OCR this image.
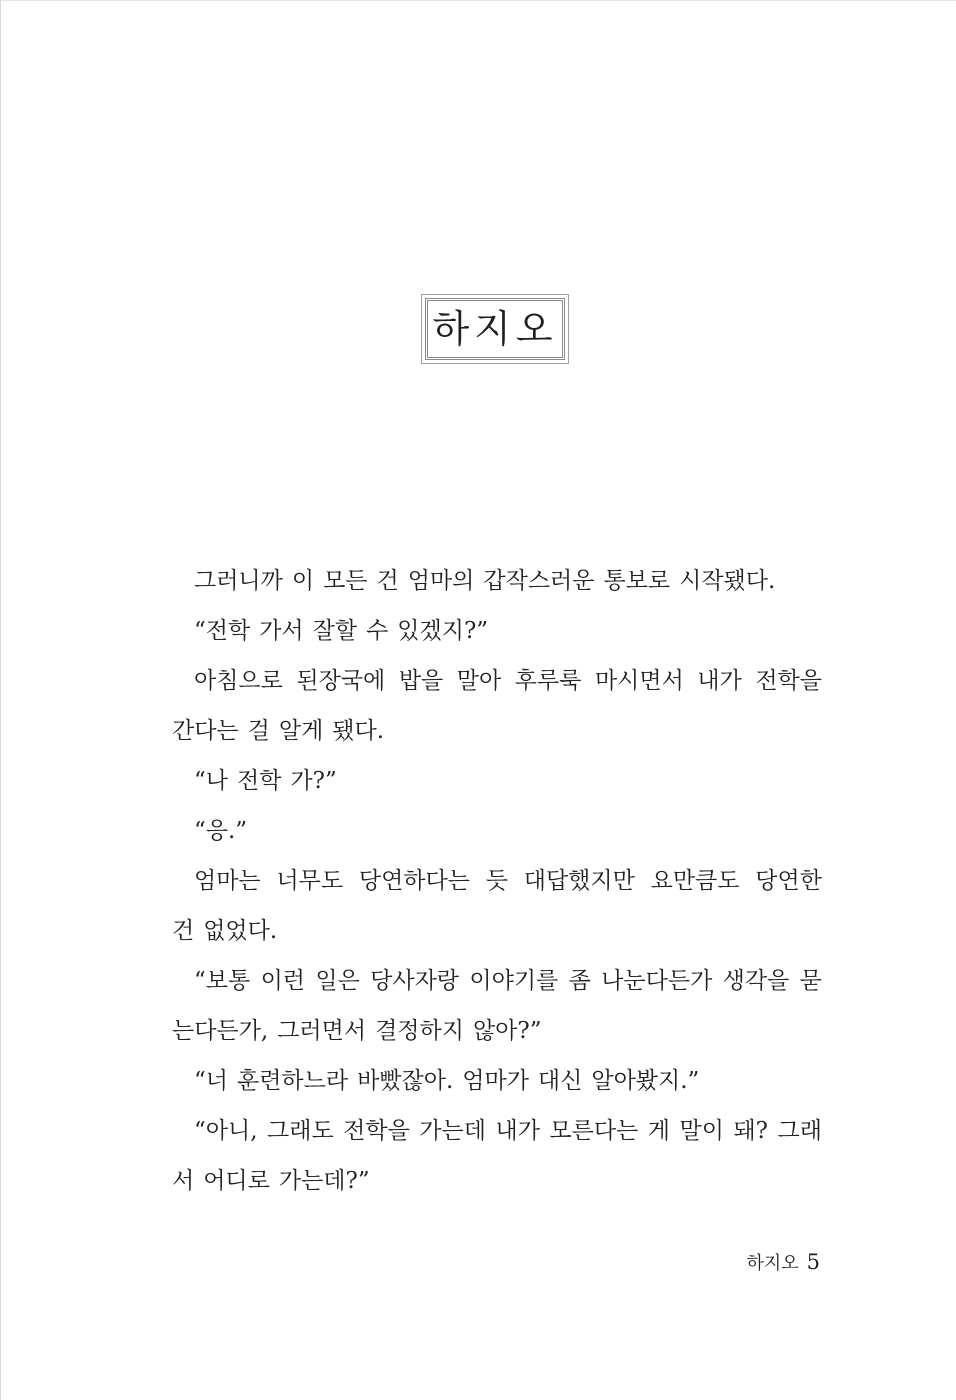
하지오
그러니까 이 모든 건 엄마의 갑작스러운 통보로 시작됐다.
“전학 가서 잘할 수 있겠지?”
아침으로 된장국에 밥을 말아 후루룩 마시면서 내가 전학을
간다는 걸 알게 됐다.
“나 전학 가?”
“응.”
엄마는 너무도 당연하다는 듯 대답했지만 요만큼도 당연한
건 없었다.
“보통 이런 일은 당사자랑 이야기를 좀 나눈다든가 생각을 묻
는다든가, 그러면서 결정하지 않아?”
“너 훈련하느라 바빴잖아. 엄마가 대신 알아봤지.”
“아니, 그래도 전학을 가는데 내가 모른다는 게 말이 돼? 그래
서 어디로 가는데?”
하지오 5
